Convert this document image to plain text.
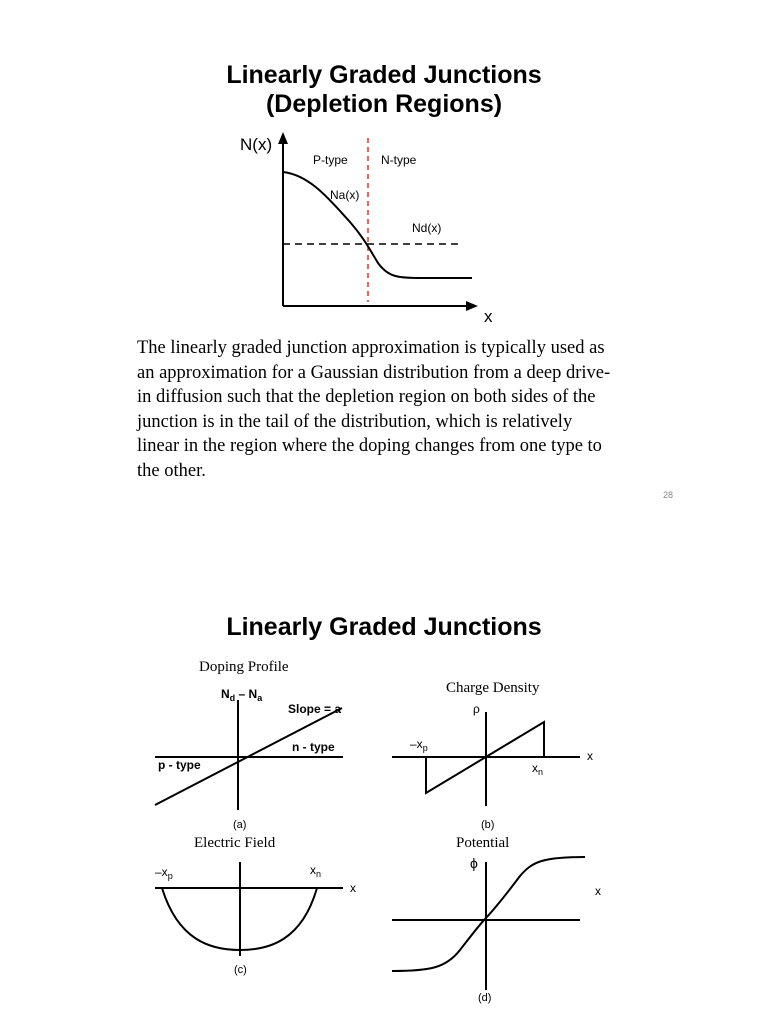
Linearly Graded Junctions
(Depletion Regions)
N(x)
x
P-type	N-type
Na(x)
Nd(x)
The linearly graded junction approximation is typically used as
an approximation for a Gaussian distribution from a deep drive-
in diffusion such that the depletion region on both sides of the
junction is in the tail of the distribution, which is relatively
linear in the region where the doping changes from one type to
the other.
28
Linearly Graded Junctions
Doping Profile
$N_d - N_a$
Slope = a
n - type
p - type
(a)
Charge Density
ρ
x
$-x_p$
$x_n$
(b)
Electric Field
$-x_p$	$x_n$
x
(c)
Potential
ϕ
x
(d)
